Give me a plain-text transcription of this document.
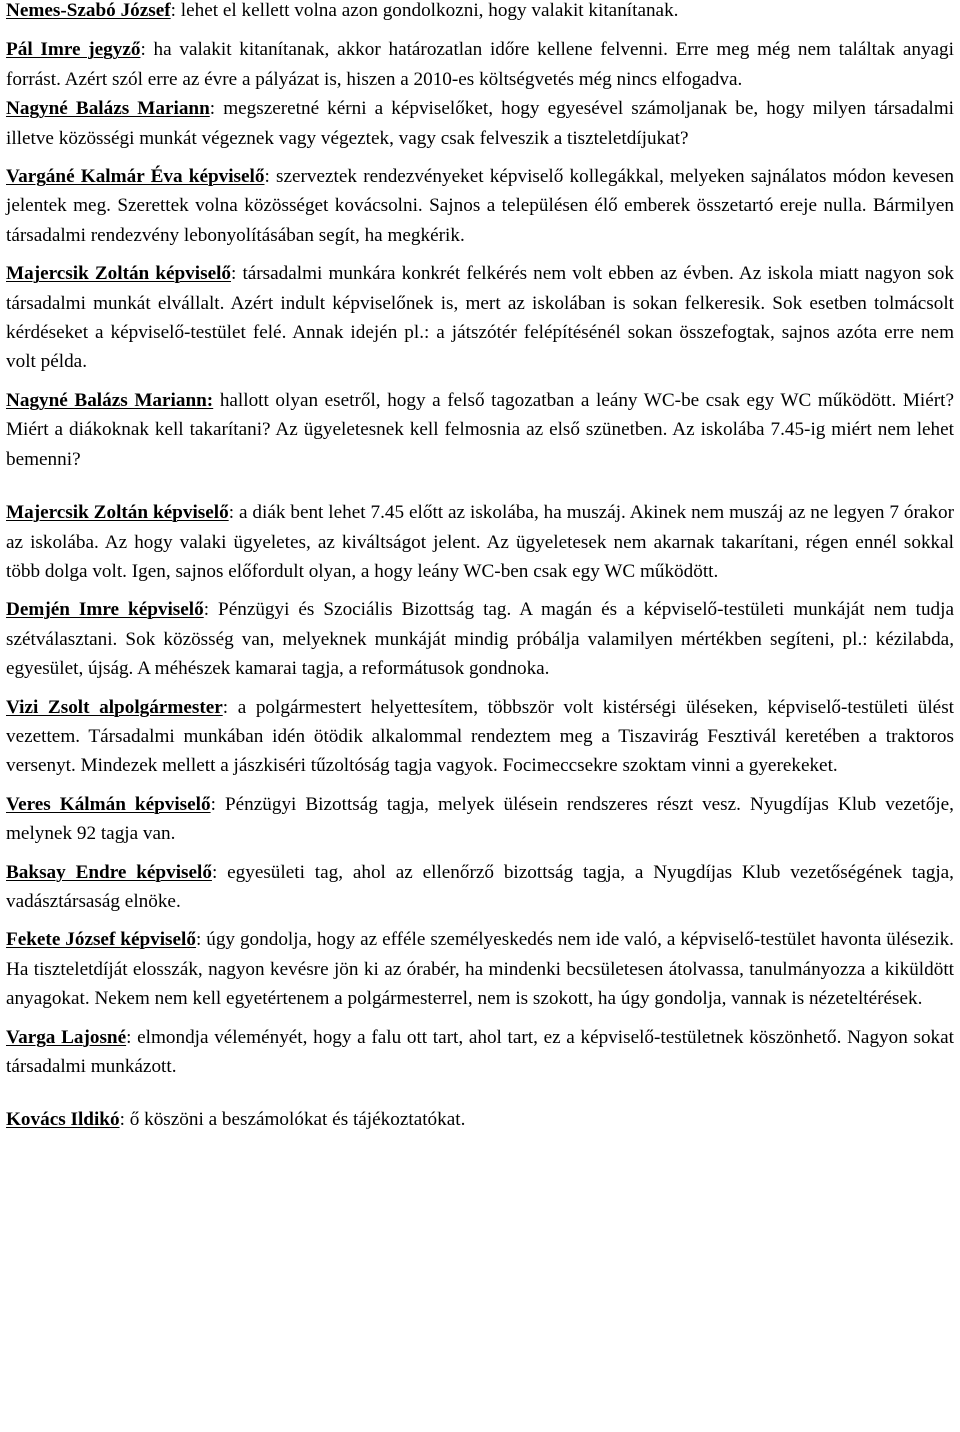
Nemes-Szabó József: lehet el kellett volna azon gondolkozni, hogy valakit kitanítanak.

Pál Imre jegyző: ha valakit kitanítanak, akkor határozatlan időre kellene felvenni. Erre meg még nem találtak anyagi forrást. Azért szól erre az évre a pályázat is, hiszen a 2010-es költségvetés még nincs elfogadva.

Nagyné Balázs Mariann: megszeretné kérni a képviselőket, hogy egyesével számoljanak be, hogy milyen társadalmi illetve közösségi munkát végeznek vagy végeztek, vagy csak felveszik a tiszteletdíjukat?

Vargáné Kalmár Éva képviselő: szerveztek rendezvényeket képviselő kollegákkal, melyeken sajnálatos módon kevesen jelentek meg. Szerettek volna közösséget kovácsolni. Sajnos a településen élő emberek összetartó ereje nulla. Bármilyen társadalmi rendezvény lebonyolításában segít, ha megkérik.

Majercsik Zoltán képviselő: társadalmi munkára konkrét felkérés nem volt ebben az évben. Az iskola miatt nagyon sok társadalmi munkát elvállalt. Azért indult képviselőnek is, mert az iskolában is sokan felkeresik. Sok esetben tolmácsolt kérdéseket a képviselő-testület felé. Annak idején pl.: a játszótér felépítésénél sokan összefogtak, sajnos azóta erre nem volt példa.

Nagyné Balázs Mariann: hallott olyan esetről, hogy a felső tagozatban a leány WC-be csak egy WC működött. Miért? Miért a diákoknak kell takarítani? Az ügyeletesnek kell felmosnia az első szünetben. Az iskolába 7.45-ig miért nem lehet bemenni?

Majercsik Zoltán képviselő: a diák bent lehet 7.45 előtt az iskolába, ha muszáj. Akinek nem muszáj az ne legyen 7 órakor az iskolába. Az hogy valaki ügyeletes, az kiváltságot jelent. Az ügyeletesek nem akarnak takarítani, régen ennél sokkal több dolga volt. Igen, sajnos előfordult olyan, a hogy leány WC-ben csak egy WC működött.

Demjén Imre képviselő: Pénzügyi és Szociális Bizottság tag. A magán és a képviselő-testületi munkáját nem tudja szétválasztani. Sok közösség van, melyeknek munkáját mindig próbálja valamilyen mértékben segíteni, pl.: kézilabda, egyesület, újság. A méhészek kamarai tagja, a reformátusok gondnoka.

Vizi Zsolt alpolgármester: a polgármestert helyettesítem, többször volt kistérségi üléseken, képviselő-testületi ülést vezettem. Társadalmi munkában idén ötödik alkalommal rendeztem meg a Tiszavirág Fesztivál keretében a traktoros versenyt. Mindezek mellett a jászkiséri tűzoltóság tagja vagyok. Focimeccsekre szoktam vinni a gyerekeket.

Veres Kálmán képviselő: Pénzügyi Bizottság tagja, melyek ülésein rendszeres részt vesz. Nyugdíjas Klub vezetője, melynek 92 tagja van.

Baksay Endre képviselő: egyesületi tag, ahol az ellenőrző bizottság tagja, a Nyugdíjas Klub vezetőségének tagja, vadásztársaság elnöke.

Fekete József képviselő: úgy gondolja, hogy az efféle személyeskedés nem ide való, a képviselő-testület havonta ülésezik. Ha tiszteletdíját elosszák, nagyon kevésre jön ki az órabér, ha mindenki becsületesen átolvassa, tanulmányozza a kiküldött anyagokat. Nekem nem kell egyetértenem a polgármesterrel, nem is szokott, ha úgy gondolja, vannak is nézeteltérések.

Varga Lajosné: elmondja véleményét, hogy a falu ott tart, ahol tart, ez a képviselő-testületnek köszönhető. Nagyon sokat társadalmi munkázott.

Kovács Ildikó: ő köszöni a beszámolókat és tájékoztatókat.
